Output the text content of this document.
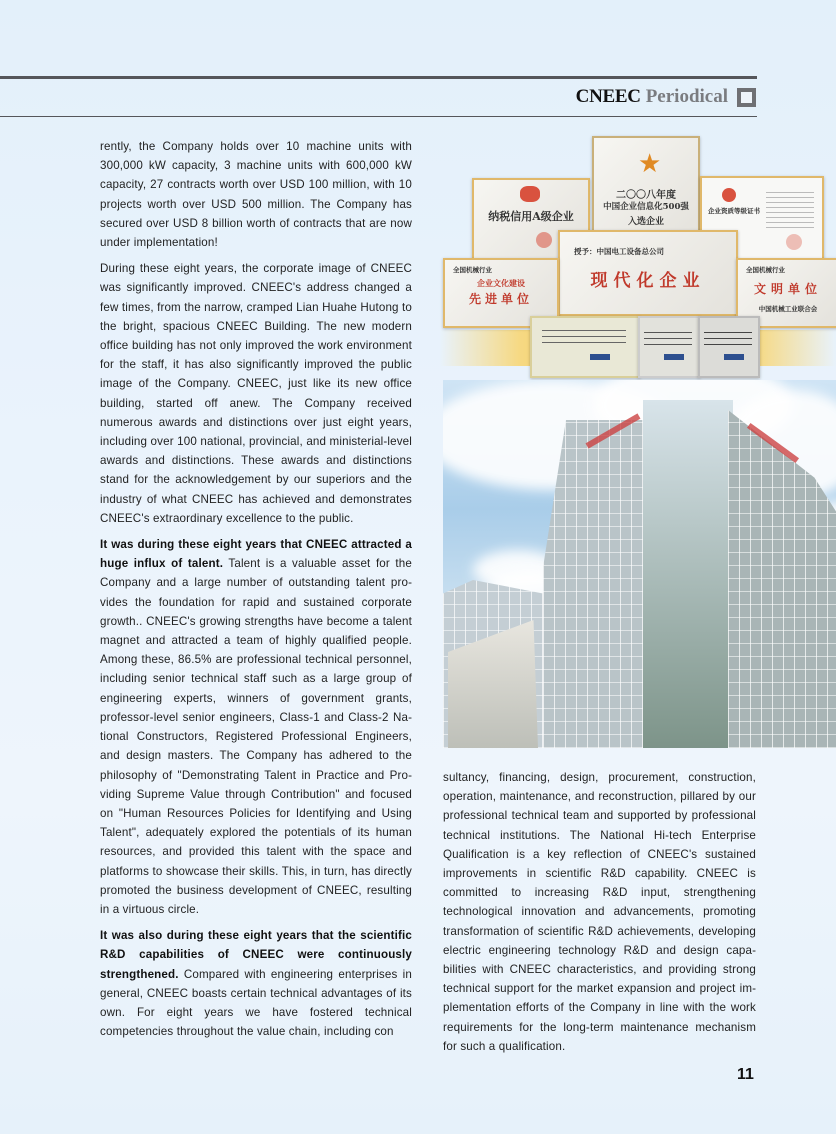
CNEEC Periodical

rently, the Company holds over 10 machine units with 300,000 kW capacity, 3 machine units with 600,000 kW capacity, 27 contracts worth over USD 100 million, with 10 projects worth over USD 500 million. The Company has secured over USD 8 billion worth of contracts that are now under implementation!

During these eight years, the corporate image of CNEEC was significantly improved. CNEEC's address changed a few times, from the narrow, cramped Lian Huahe Hutong to the bright, spacious CNEEC Building. The new modern office building has not only improved the work environment for the staff, it has also significantly improved the public image of the Company. CNEEC, just like its new office building, started off anew. The Company received numerous awards and distinctions over just eight years, including over 100 national, provincial, and ministerial-level awards and distinctions. These awards and distinctions stand for the acknowledgement by our superiors and the industry of what CNEEC has achieved and demonstrates CNEEC's extraordinary excellence to the public.

It was during these eight years that CNEEC attracted a huge influx of talent. Talent is a valuable asset for the Company and a large number of outstanding talent provides the foundation for rapid and sustained corporate growth.. CNEEC's growing strengths have become a talent magnet and attracted a team of highly qualified people. Among these, 86.5% are professional technical personnel, including senior technical staff such as a large group of engineering experts, winners of government grants, professor-level senior engineers, Class-1 and Class-2 National Constructors, Registered Professional Engineers, and design masters. The Company has adhered to the philosophy of "Demonstrating Talent in Practice and Providing Supreme Value through Contribution" and focused on "Human Resources Policies for Identifying and Using Talent", adequately explored the potentials of its human resources, and provided this talent with the space and platforms to showcase their skills. This, in turn, has directly promoted the business development of CNEEC, resulting in a virtuous circle.

It was also during these eight years that the scientific R&D capabilities of CNEEC were continuously strengthened. Compared with engineering enterprises in general, CNEEC boasts certain technical advantages of its own. For eight years we have fostered technical competencies throughout the value chain, including con

纳税信用A级企业
★
二〇〇八年度
中国企业信息化500强
入选企业
企业资质等级证书
授予：中国电工设备总公司
现代化企业
全国机械行业
企业文化建设
先进单位
全国机械行业
文明单位
中国机械工业联合会

sultancy, financing, design, procurement, construction, operation, maintenance, and reconstruction, pillared by our professional technical team and supported by professional technical institutions. The National Hi-tech Enterprise Qualification is a key reflection of CNEEC's sustained improvements in scientific R&D capability. CNEEC is committed to increasing R&D input, strengthening technological innovation and advancements, promoting transformation of scientific R&D achievements, developing electric engineering technology R&D and design capabilities with CNEEC characteristics, and providing strong technical support for the market expansion and project implementation efforts of the Company in line with the work requirements for the long-term maintenance mechanism for such a qualification.

11
